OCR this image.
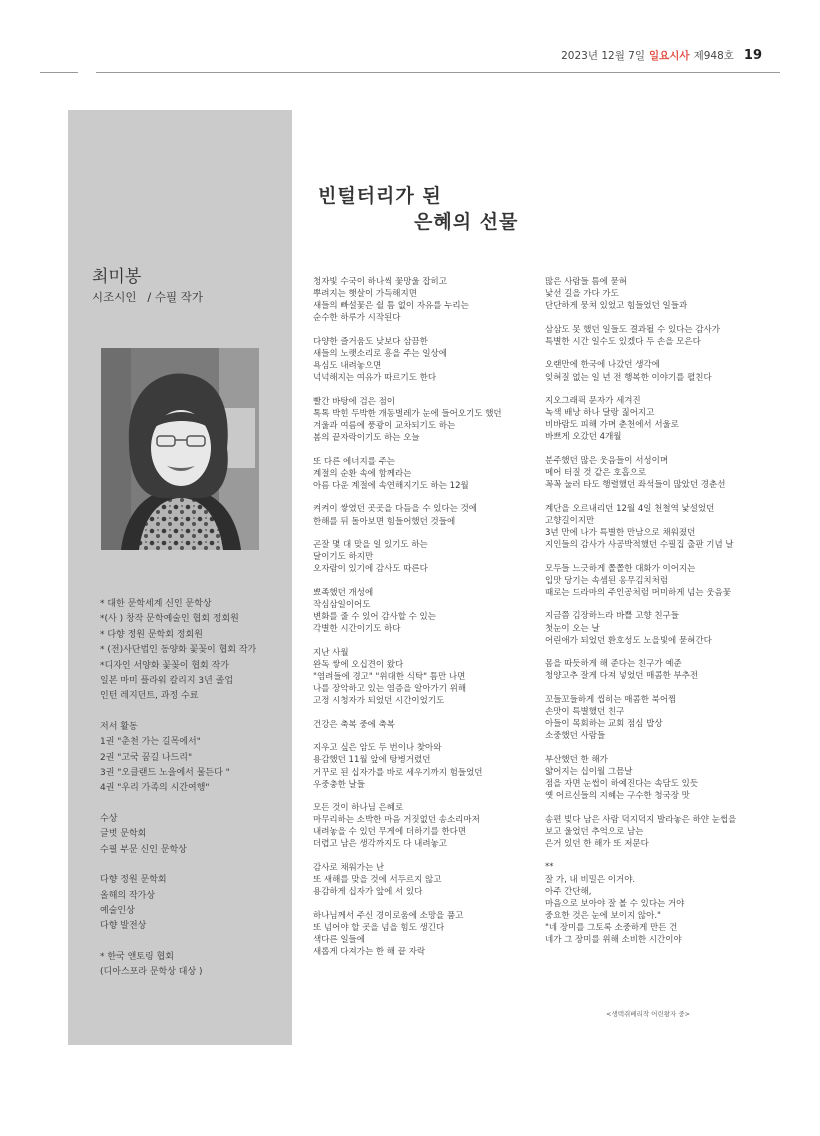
2023년 12월 7일 일요시사 제948호 19
최미봉
시조시인   / 수필 작가
* 대한 문학세계 신인 문학상
*(사 ) 창작 문학예술인 협회 정회원
* 다향 정원 문학회 정회원
* (전)사단법인 동양화 꽃꽂이 협회 작가
*디자인 서양화 꽃꽂이 협회 작가
일본 마미 플라워 칼리지 3년 졸업
인턴 레지던트, 과정 수료
저서 활동
1권 "춘천 가는 길목에서"
2권 "고국 꿈길 나드리"
3권 "오클랜드 노을에서 물든다 "
4권 "우리 가족의 시간여행"
수상
글벗 문학회
수필 부문 신인 문학상
다향 정원 문학회
올해의 작가상
예술인상
다향 발전상
* 한국 앤토링 협회
(디아스포라 문학상 대상 )
빈털터리가 된
은혜의 선물
청자빛 수국이 하나씩 꽃망울 잡히고
뿌려지는 햇살이 가득해지면
새들의 빠설꽃은 쉴 틈 없이 자유를 누리는
순수한 하루가 시작된다
다양한 즐거움도 낮보다 삼끔한
새들의 노랫소리로 흥을 주는 일상에
욕심도 내려놓으면
넉넉해지는 여유가 따르기도 한다
빨간 바탕에 검은 점이
톡톡 박힌 두박한 개동벌레가 눈에 들어오기도 했던
겨울과 여름에 풍광이 교차되기도 하는
봄의 끝자락이기도 하는 오늘
또 다른 에너지를 주는
계절의 순환 속에 함께라는
아름 다운 계절에 속연해지기도 하는 12월
켜켜이 쌓였던 곳곳을 다듬을 수 있다는 것에
한해를 뒤 돌아보면 힘들어했던 것들에
곤잘 몇 대 맞을 일 있기도 하는
달이기도 하지만
오자람이 있기에 감사도 따른다
뾰족했던 개성에
작심삼일이어도
변화를 줄 수 있어 감사할 수 있는
각별한 시간이기도 하다
지난 사월
완독 쌓에 오십견이 왔다
"염려들에 경고" "위대한 식탁" 틈만 나면
나를 장악하고 있는 염증을 알아가기 위해
고정 시청자가 되었던 시간이었기도
건강은 축복 중에 축복
지우고 싶은 암도 두 번이나 찾아와
용감했던 11월 앞에 탕병거렸던
거꾸로 된 십자가를 바로 세우기까지 험들었던
우중충한 날들
모든 것이 하나님 은혜로
마무리하는 소박한 마음 거짓없던 송소리마저
내려놓을 수 있던 무게에 더하기를 한다면
더렵고 남은 생각까지도 다 내려놓고
감사로 채워가는 난
또 새해를 맞을 것에 서두르지 않고
용감하게 십자가 앞에 서 있다
하나님께서 주신 경이로움에 소망을 품고
또 넘어야 할 곳을 넘을 힘도 생긴다
색다른 일들에
새롭게 다져가는 한 해 끝 자락
많은 사람들 틈에 묻혀
낯선 길을 가다 가도
단단하게 뭉쳐 있었고 힘들었던 일들과
삼삼도 못 했던 일들도 결과될 수 있다는 감사가
특별한 시간 일수도 있겠다 두 손을 모은다
오랜만에 한국에 나갔던 생각에
잊혀질 없는 일 년 전 행복한 이야기를 펼친다
지오그래픽 문자가 세겨진
녹색 배낭 하나 달랑 짊어지고
비바람도 피해 가며 춘천에서 서울로
바쁘게 오갔던 4개월
분주했던 많은 웃음들이 서성이며
메어 터질 것 같은 호흡으로
꼭꼭 눌러 타도 행렬했던 좌석들이 많았던 경춘선
계단을 오르내리던 12월 4일 천철역 낯설었던
고향길이지만
3년 만에 나가 특별한 만남으로 채워졌던
지인들의 감사가 사공박적했던 수필집 출판 기념 날
모두들 느긋하게 쫄쫄한 대화가 이어지는
입맛 당기는 속셈된 옹무김치처럼
때로는 드라마의 주인공처럼 머미하게 넘는 웃음꽃
지금쯤 김장하느라 바쁠 고향 친구들
첫눈이 오는 날
어린애가 되었던 환호성도 노을빛에 묻혀간다
몸을 따듯하게 해 준다는 친구가 예준
청양고추 잘게 다져 넣었던 매콤한 부추전
꼬들꼬들하게 씹히는 매콤한 북어찜
손맛이 특별했던 친구
아들이 목회하는 교회 점심 밥상
소중했던 사람들
부산했던 한 해가
얇어지는 십이월 그믐날
점을 자면 눈썹이 하예진다는 속담도 있듯
옛 어르신들의 지혜는 구수한 청국장 맛
송편 빚다 남은 사람 덕지덕지 발라놓은 하얀 눈썹을
보고 울었던 추억으로 남는
은거 있던 한 해가 또 저문다
**
잘 가, 내 비밀은 이거야.
아주 간단해,
마음으로 보아야 잘 볼 수 있다는 거야
중요한 것은 눈에 보이지 않아."
"네 장미를 그토록 소중하게 만든 건
네가 그 장미를 위해 소비한 시간이야
<생텍쥐베리작 어린왕자 중>
